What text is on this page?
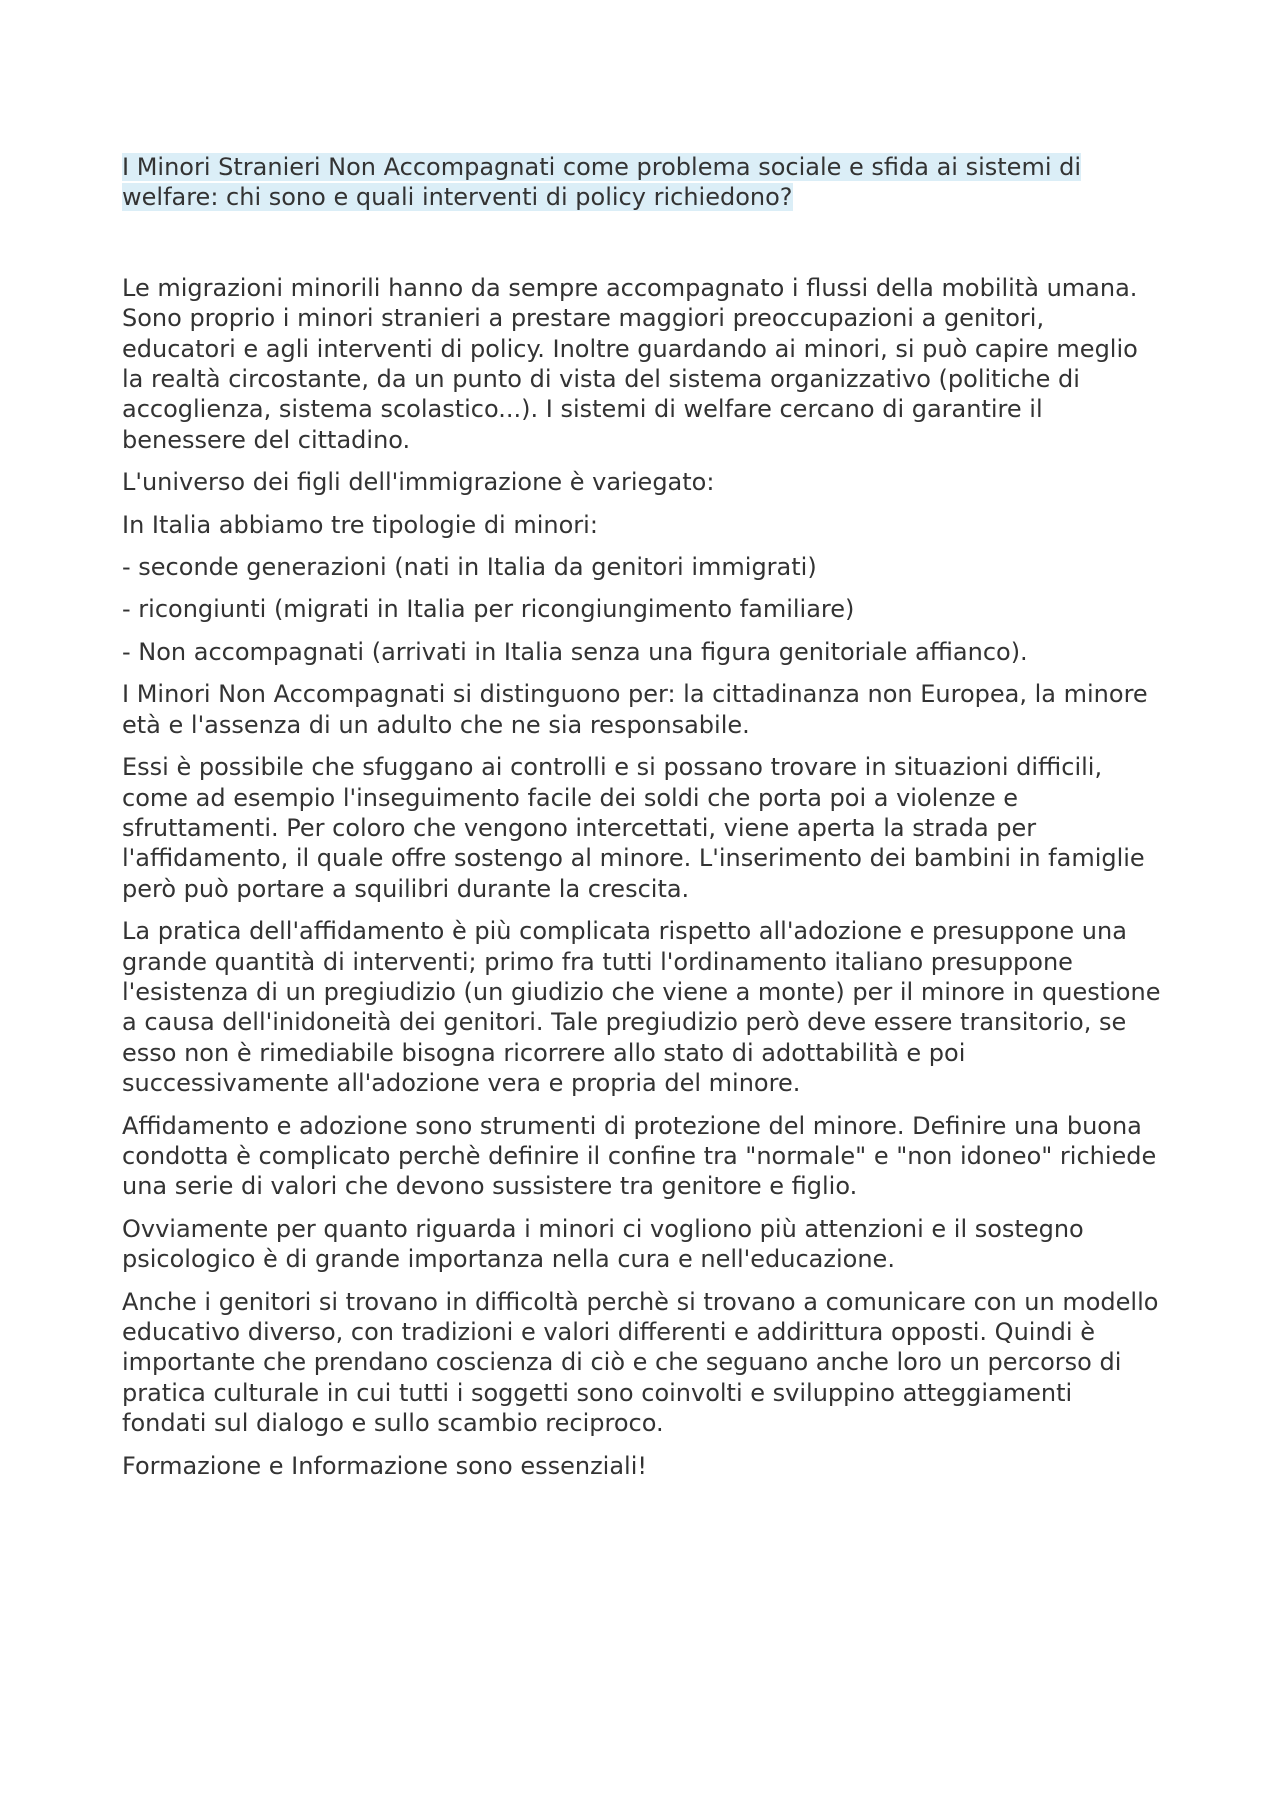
I Minori Stranieri Non Accompagnati come problema sociale e sfida ai sistemi di welfare: chi sono e quali interventi di policy richiedono?

Le migrazioni minorili hanno da sempre accompagnato i flussi della mobilità umana. Sono proprio i minori stranieri a prestare maggiori preoccupazioni a genitori, educatori e agli interventi di policy. Inoltre guardando ai minori, si può capire meglio la realtà circostante, da un punto di vista del sistema organizzativo (politiche di accoglienza, sistema scolastico...). I sistemi di welfare cercano di garantire il benessere del cittadino.

L'universo dei figli dell'immigrazione è variegato:

In Italia abbiamo tre tipologie di minori:

- seconde generazioni (nati in Italia da genitori immigrati)
- ricongiunti (migrati in Italia per ricongiungimento familiare)
- Non accompagnati (arrivati in Italia senza una figura genitoriale affianco).

I Minori Non Accompagnati si distinguono per: la cittadinanza non Europea, la minore età e l'assenza di un adulto che ne sia responsabile.

Essi è possibile che sfuggano ai controlli e si possano trovare in situazioni difficili, come ad esempio l'inseguimento facile dei soldi che porta poi a violenze e sfruttamenti. Per coloro che vengono intercettati, viene aperta la strada per l'affidamento, il quale offre sostengo al minore. L'inserimento dei bambini in famiglie però può portare a squilibri durante la crescita.

La pratica dell'affidamento è più complicata rispetto all'adozione e presuppone una grande quantità di interventi; primo fra tutti l'ordinamento italiano presuppone l'esistenza di un pregiudizio (un giudizio che viene a monte) per il minore in questione a causa dell'inidoneità dei genitori. Tale pregiudizio però deve essere transitorio, se esso non è rimediabile bisogna ricorrere allo stato di adottabilità e poi successivamente all'adozione vera e propria del minore.

Affidamento e adozione sono strumenti di protezione del minore. Definire una buona condotta è complicato perchè definire il confine tra "normale" e "non idoneo" richiede una serie di valori che devono sussistere tra genitore e figlio.

Ovviamente per quanto riguarda i minori ci vogliono più attenzioni e il sostegno psicologico è di grande importanza nella cura e nell'educazione.

Anche i genitori si trovano in difficoltà perchè si trovano a comunicare con un modello educativo diverso, con tradizioni e valori differenti e addirittura opposti. Quindi è importante che prendano coscienza di ciò e che seguano anche loro un percorso di pratica culturale in cui tutti i soggetti sono coinvolti e sviluppino atteggiamenti fondati sul dialogo e sullo scambio reciproco.

Formazione e Informazione sono essenziali!
